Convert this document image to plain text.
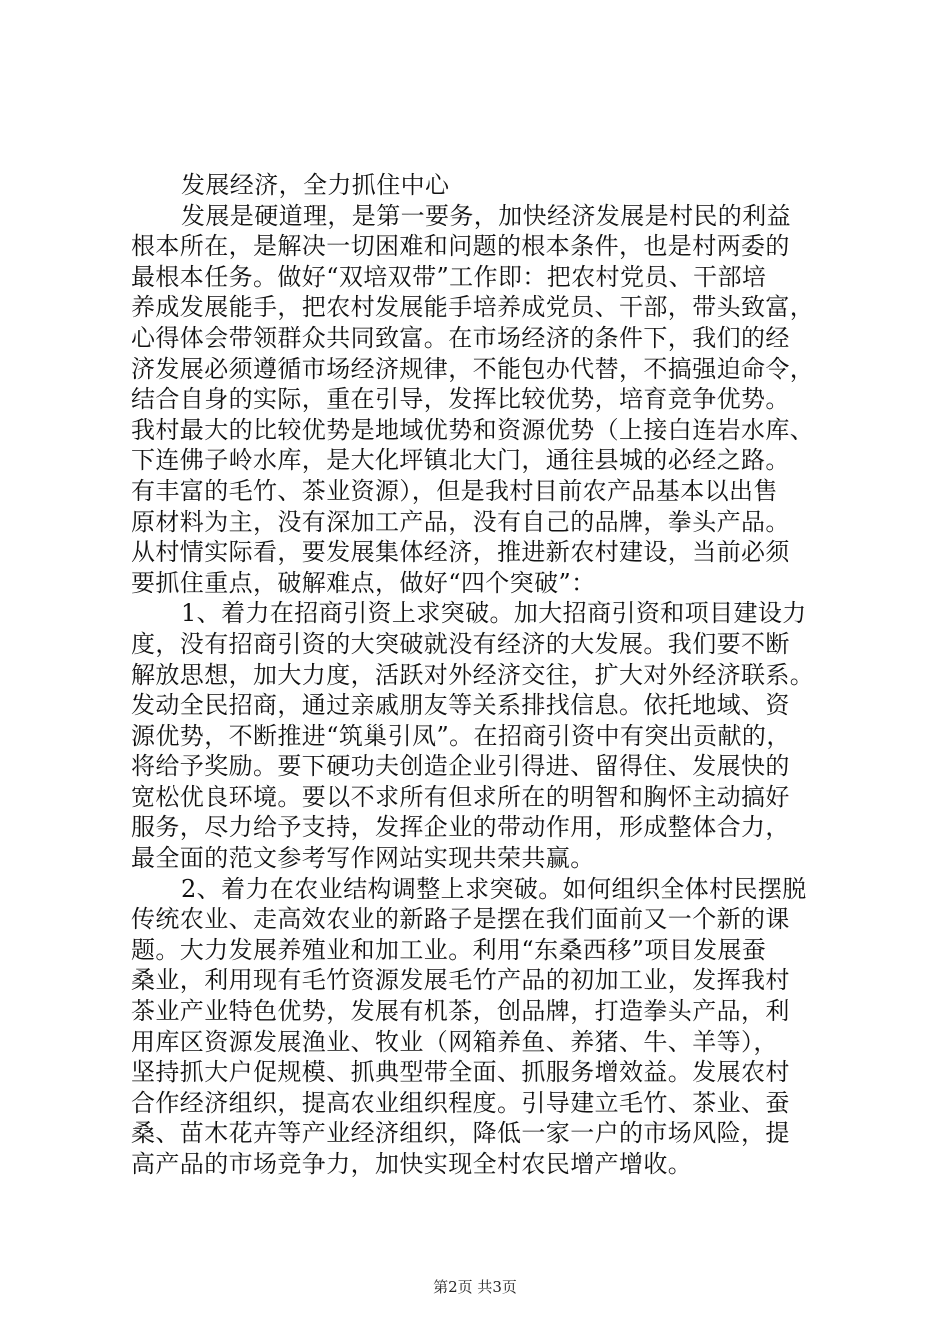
发展经济，全力抓住中心
发展是硬道理，是第一要务，加快经济发展是村民的利益
根本所在，是解决一切困难和问题的根本条件，也是村两委的
最根本任务。做好“双培双带”工作即：把农村党员、干部培
养成发展能手，把农村发展能手培养成党员、干部，带头致富，
心得体会带领群众共同致富。在市场经济的条件下，我们的经
济发展必须遵循市场经济规律，不能包办代替，不搞强迫命令，
结合自身的实际，重在引导，发挥比较优势，培育竞争优势。
我村最大的比较优势是地域优势和资源优势（上接白连岩水库、
下连佛子岭水库，是大化坪镇北大门，通往县城的必经之路。
有丰富的毛竹、茶业资源），但是我村目前农产品基本以出售
原材料为主，没有深加工产品，没有自己的品牌，拳头产品。
从村情实际看，要发展集体经济，推进新农村建设，当前必须
要抓住重点，破解难点，做好“四个突破”：
1、着力在招商引资上求突破。加大招商引资和项目建设力
度，没有招商引资的大突破就没有经济的大发展。我们要不断
解放思想，加大力度，活跃对外经济交往，扩大对外经济联系。
发动全民招商，通过亲戚朋友等关系排找信息。依托地域、资
源优势，不断推进“筑巢引凤”。在招商引资中有突出贡献的，
将给予奖励。要下硬功夫创造企业引得进、留得住、发展快的
宽松优良环境。要以不求所有但求所在的明智和胸怀主动搞好
服务，尽力给予支持，发挥企业的带动作用，形成整体合力，
最全面的范文参考写作网站实现共荣共赢。
2、着力在农业结构调整上求突破。如何组织全体村民摆脱
传统农业、走高效农业的新路子是摆在我们面前又一个新的课
题。大力发展养殖业和加工业。利用“东桑西移”项目发展蚕
桑业，利用现有毛竹资源发展毛竹产品的初加工业，发挥我村
茶业产业特色优势，发展有机茶，创品牌，打造拳头产品，利
用库区资源发展渔业、牧业（网箱养鱼、养猪、牛、羊等），
坚持抓大户促规模、抓典型带全面、抓服务增效益。发展农村
合作经济组织，提高农业组织程度。引导建立毛竹、茶业、蚕
桑、苗木花卉等产业经济组织，降低一家一户的市场风险，提
高产品的市场竞争力，加快实现全村农民增产增收。
第2页 共3页
